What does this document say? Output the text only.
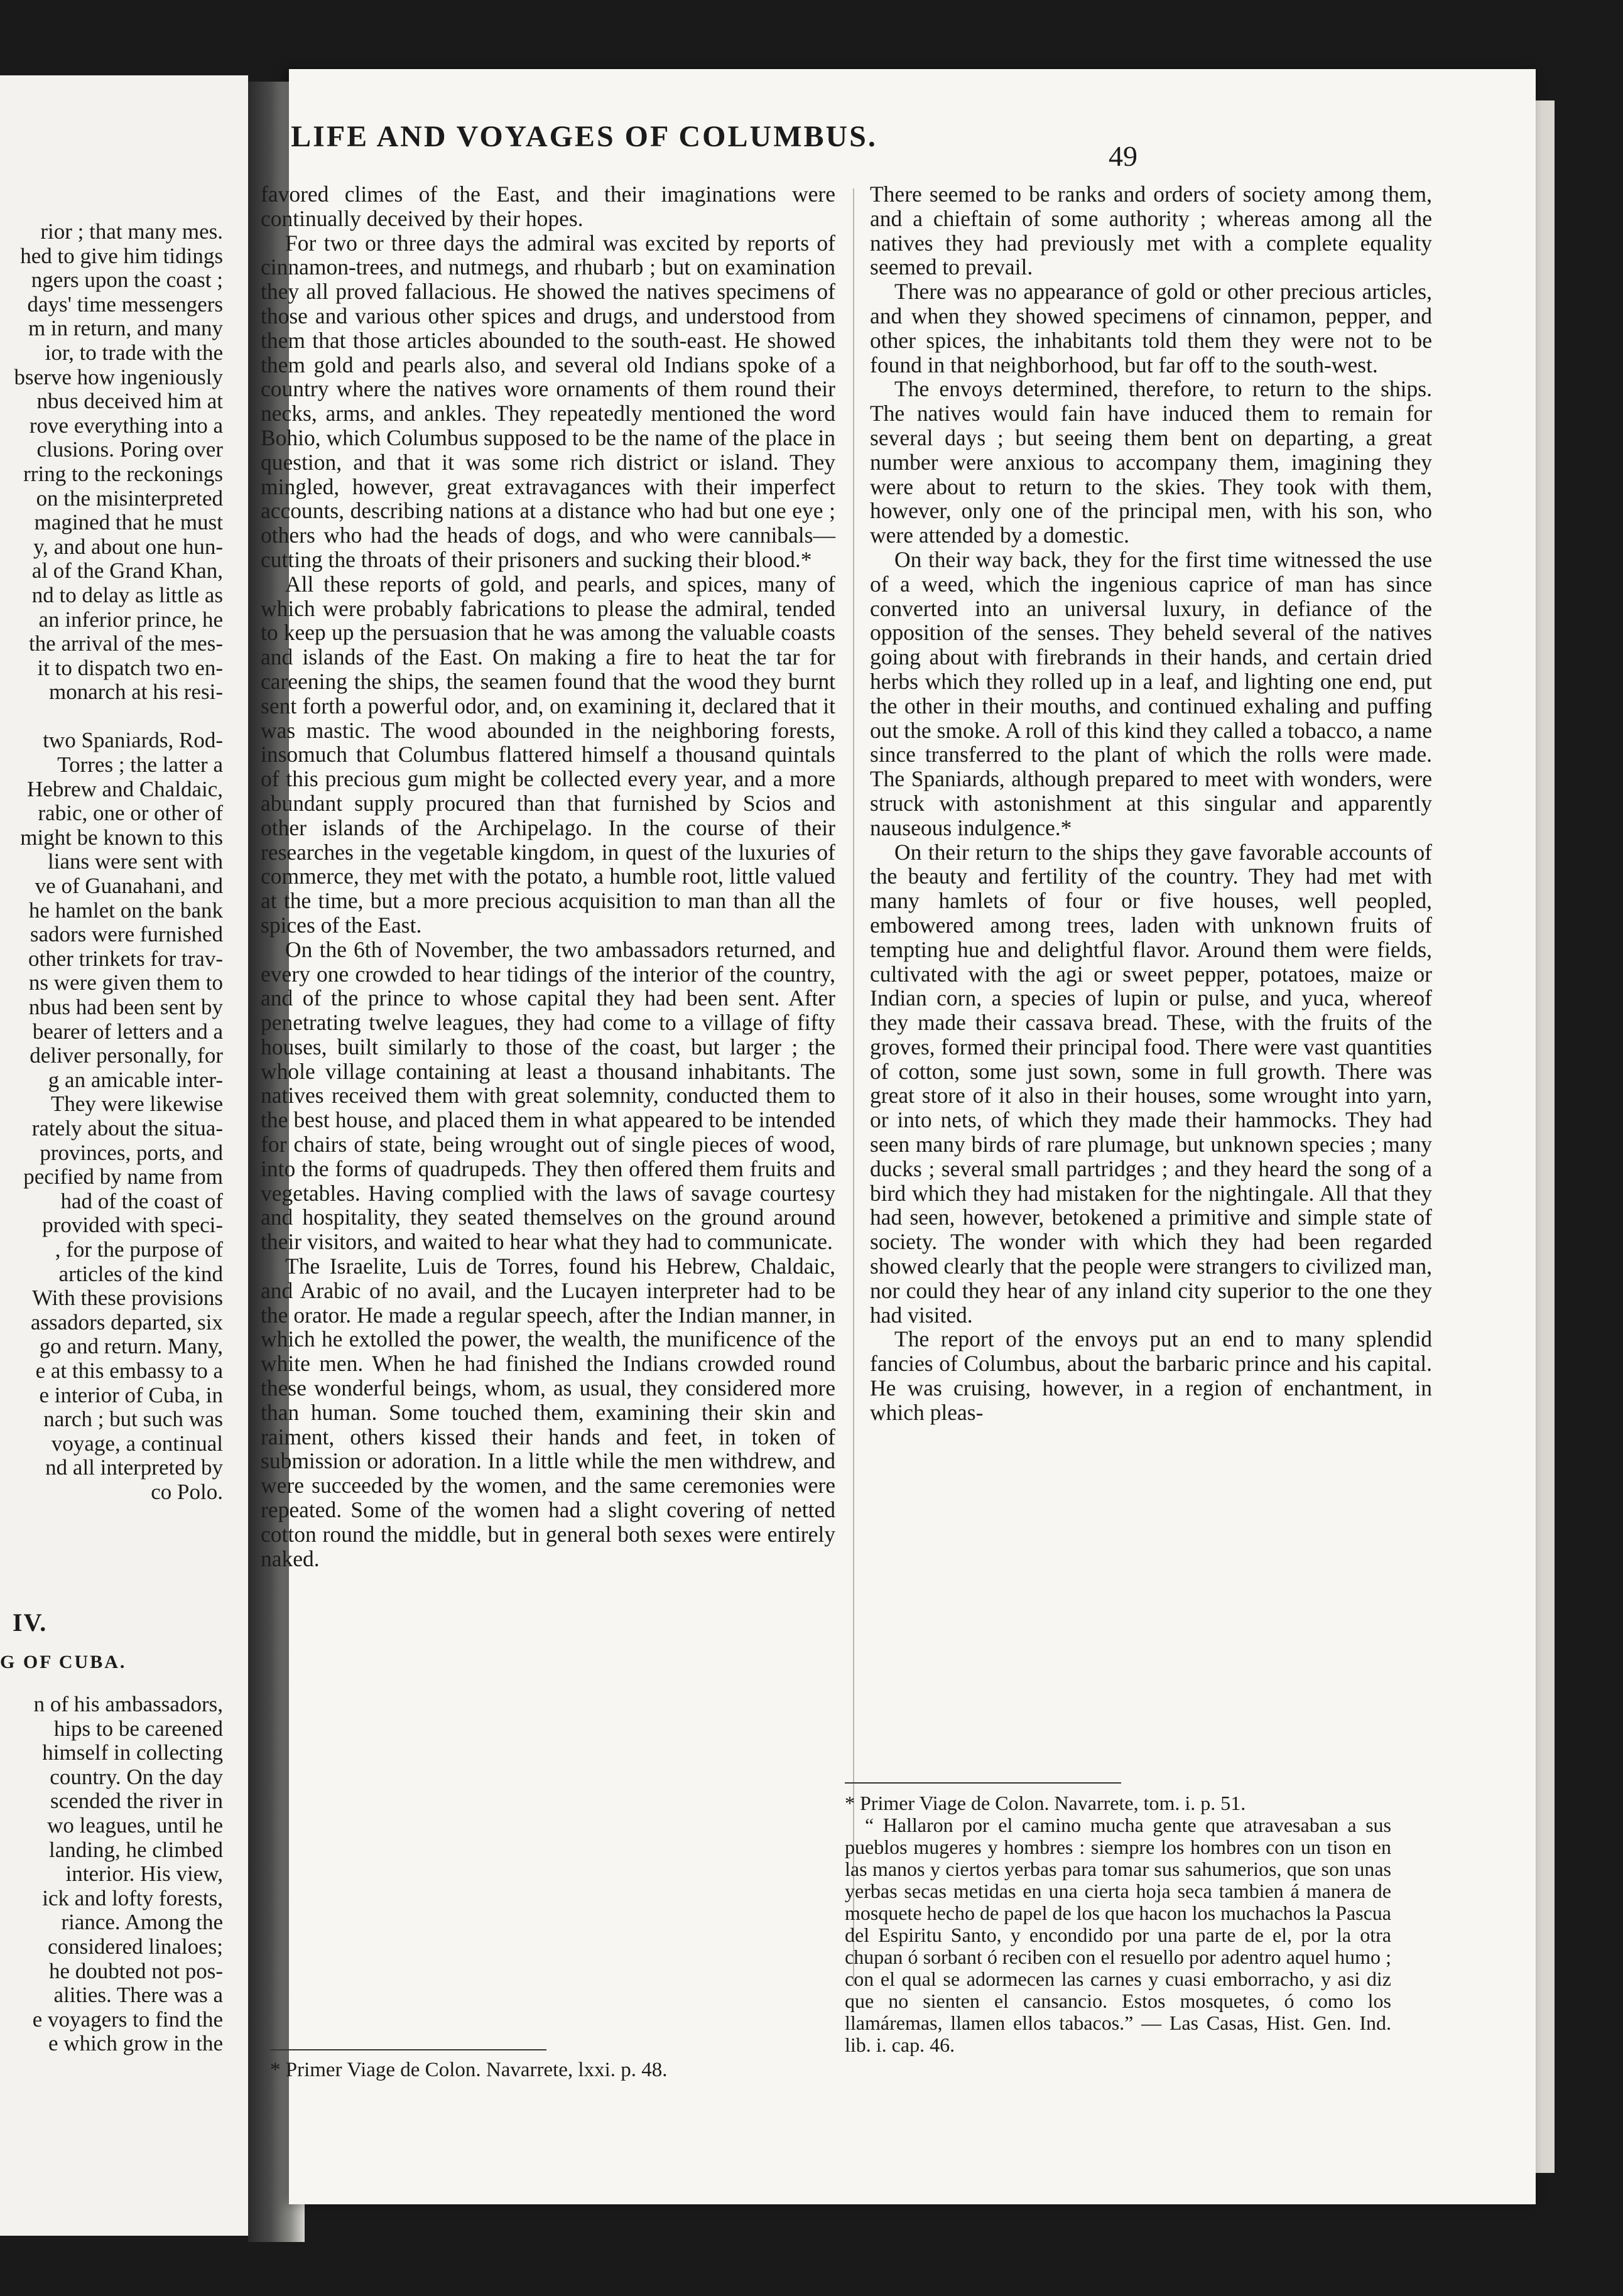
rior ; that many mes.
hed to give him tidings
ngers upon the coast ;
days' time messengers
m in return, and many
ior, to trade with the
bserve how ingeniously
nbus deceived him at
rove everything into a
clusions. Poring over
rring to the reckonings
on the misinterpreted
magined that he must
y, and about one hun-
al of the Grand Khan,
nd to delay as little as
an inferior prince, he
the arrival of the mes-
it to dispatch two en-
monarch at his resi-
two Spaniards, Rod-
Torres ; the latter a
Hebrew and Chaldaic,
rabic, one or other of
might be known to this
lians were sent with
ve of Guanahani, and
he hamlet on the bank
sadors were furnished
other trinkets for trav-
ns were given them to
nbus had been sent by
bearer of letters and a
deliver personally, for
g an amicable inter-
They were likewise
rately about the situa-
provinces, ports, and
pecified by name from
had of the coast of
provided with speci-
, for the purpose of
articles of the kind
With these provisions
assadors departed, six
go and return. Many,
e at this embassy to a
e interior of Cuba, in
narch ; but such was
voyage, a continual
nd all interpreted by
co Polo.
IV.
G OF CUBA.
n of his ambassadors,
hips to be careened
himself in collecting
country. On the day
scended the river in
wo leagues, until he
landing, he climbed
interior. His view,
ick and lofty forests,
riance. Among the
considered linaloes;
he doubted not pos-
alities. There was a
e voyagers to find the
e which grow in the
LIFE AND VOYAGES OF COLUMBUS.
49

favored climes of the East, and their imaginations were continually deceived by their hopes.

For two or three days the admiral was excited by reports of cinnamon-trees, and nutmegs, and rhubarb ; but on examination they all proved fallacious. He showed the natives specimens of those and various other spices and drugs, and understood from them that those articles abounded to the south-east. He showed them gold and pearls also, and several old Indians spoke of a country where the natives wore ornaments of them round their necks, arms, and ankles. They repeatedly mentioned the word Bohio, which Columbus supposed to be the name of the place in question, and that it was some rich district or island. They mingled, however, great extravagances with their imperfect accounts, describing nations at a distance who had but one eye ; others who had the heads of dogs, and who were cannibals—cutting the throats of their prisoners and sucking their blood.*

All these reports of gold, and pearls, and spices, many of which were probably fabrications to please the admiral, tended to keep up the persuasion that he was among the valuable coasts and islands of the East. On making a fire to heat the tar for careening the ships, the seamen found that the wood they burnt sent forth a powerful odor, and, on examining it, declared that it was mastic. The wood abounded in the neighboring forests, insomuch that Columbus flattered himself a thousand quintals of this precious gum might be collected every year, and a more abundant supply procured than that furnished by Scios and other islands of the Archipelago. In the course of their researches in the vegetable kingdom, in quest of the luxuries of commerce, they met with the potato, a humble root, little valued at the time, but a more precious acquisition to man than all the spices of the East.

On the 6th of November, the two ambassadors returned, and every one crowded to hear tidings of the interior of the country, and of the prince to whose capital they had been sent. After penetrating twelve leagues, they had come to a village of fifty houses, built similarly to those of the coast, but larger ; the whole village containing at least a thousand inhabitants. The natives received them with great solemnity, conducted them to the best house, and placed them in what appeared to be intended for chairs of state, being wrought out of single pieces of wood, into the forms of quadrupeds. They then offered them fruits and vegetables. Having complied with the laws of savage courtesy and hospitality, they seated themselves on the ground around their visitors, and waited to hear what they had to communicate.

The Israelite, Luis de Torres, found his Hebrew, Chaldaic, and Arabic of no avail, and the Lucayen interpreter had to be the orator. He made a regular speech, after the Indian manner, in which he extolled the power, the wealth, the munificence of the white men. When he had finished the Indians crowded round these wonderful beings, whom, as usual, they considered more than human. Some touched them, examining their skin and raiment, others kissed their hands and feet, in token of submission or adoration. In a little while the men withdrew, and were succeeded by the women, and the same ceremonies were repeated. Some of the women had a slight covering of netted cotton round the middle, but in general both sexes were entirely naked.

* Primer Viage de Colon. Navarrete, lxxi. p. 48.

There seemed to be ranks and orders of society among them, and a chieftain of some authority ; whereas among all the natives they had previously met with a complete equality seemed to prevail.

There was no appearance of gold or other precious articles, and when they showed specimens of cinnamon, pepper, and other spices, the inhabitants told them they were not to be found in that neighborhood, but far off to the south-west.

The envoys determined, therefore, to return to the ships. The natives would fain have induced them to remain for several days ; but seeing them bent on departing, a great number were anxious to accompany them, imagining they were about to return to the skies. They took with them, however, only one of the principal men, with his son, who were attended by a domestic.

On their way back, they for the first time witnessed the use of a weed, which the ingenious caprice of man has since converted into an universal luxury, in defiance of the opposition of the senses. They beheld several of the natives going about with firebrands in their hands, and certain dried herbs which they rolled up in a leaf, and lighting one end, put the other in their mouths, and continued exhaling and puffing out the smoke. A roll of this kind they called a tobacco, a name since transferred to the plant of which the rolls were made. The Spaniards, although prepared to meet with wonders, were struck with astonishment at this singular and apparently nauseous indulgence.*

On their return to the ships they gave favorable accounts of the beauty and fertility of the country. They had met with many hamlets of four or five houses, well peopled, embowered among trees, laden with unknown fruits of tempting hue and delightful flavor. Around them were fields, cultivated with the agi or sweet pepper, potatoes, maize or Indian corn, a species of lupin or pulse, and yuca, whereof they made their cassava bread. These, with the fruits of the groves, formed their principal food. There were vast quantities of cotton, some just sown, some in full growth. There was great store of it also in their houses, some wrought into yarn, or into nets, of which they made their hammocks. They had seen many birds of rare plumage, but unknown species ; many ducks ; several small partridges ; and they heard the song of a bird which they had mistaken for the nightingale. All that they had seen, however, betokened a primitive and simple state of society. The wonder with which they had been regarded showed clearly that the people were strangers to civilized man, nor could they hear of any inland city superior to the one they had visited.

The report of the envoys put an end to many splendid fancies of Columbus, about the barbaric prince and his capital. He was cruising, however, in a region of enchantment, in which pleas-

* Primer Viage de Colon. Navarrete, tom. i. p. 51.
“ Hallaron por el camino mucha gente que atravesaban a sus pueblos mugeres y hombres : siempre los hombres con un tison en las manos y ciertos yerbas para tomar sus sahumerios, que son unas yerbas secas metidas en una cierta hoja seca tambien á manera de mosquete hecho de papel de los que hacon los muchachos la Pascua del Espiritu Santo, y encondido por una parte de el, por la otra chupan ó sorbant ó reciben con el resuello por adentro aquel humo ; con el qual se adormecen las carnes y cuasi emborracho, y asi diz que no sienten el cansancio. Estos mosquetes, ó como los llamáremas, llamen ellos tabacos.” — Las Casas, Hist. Gen. Ind. lib. i. cap. 46.
